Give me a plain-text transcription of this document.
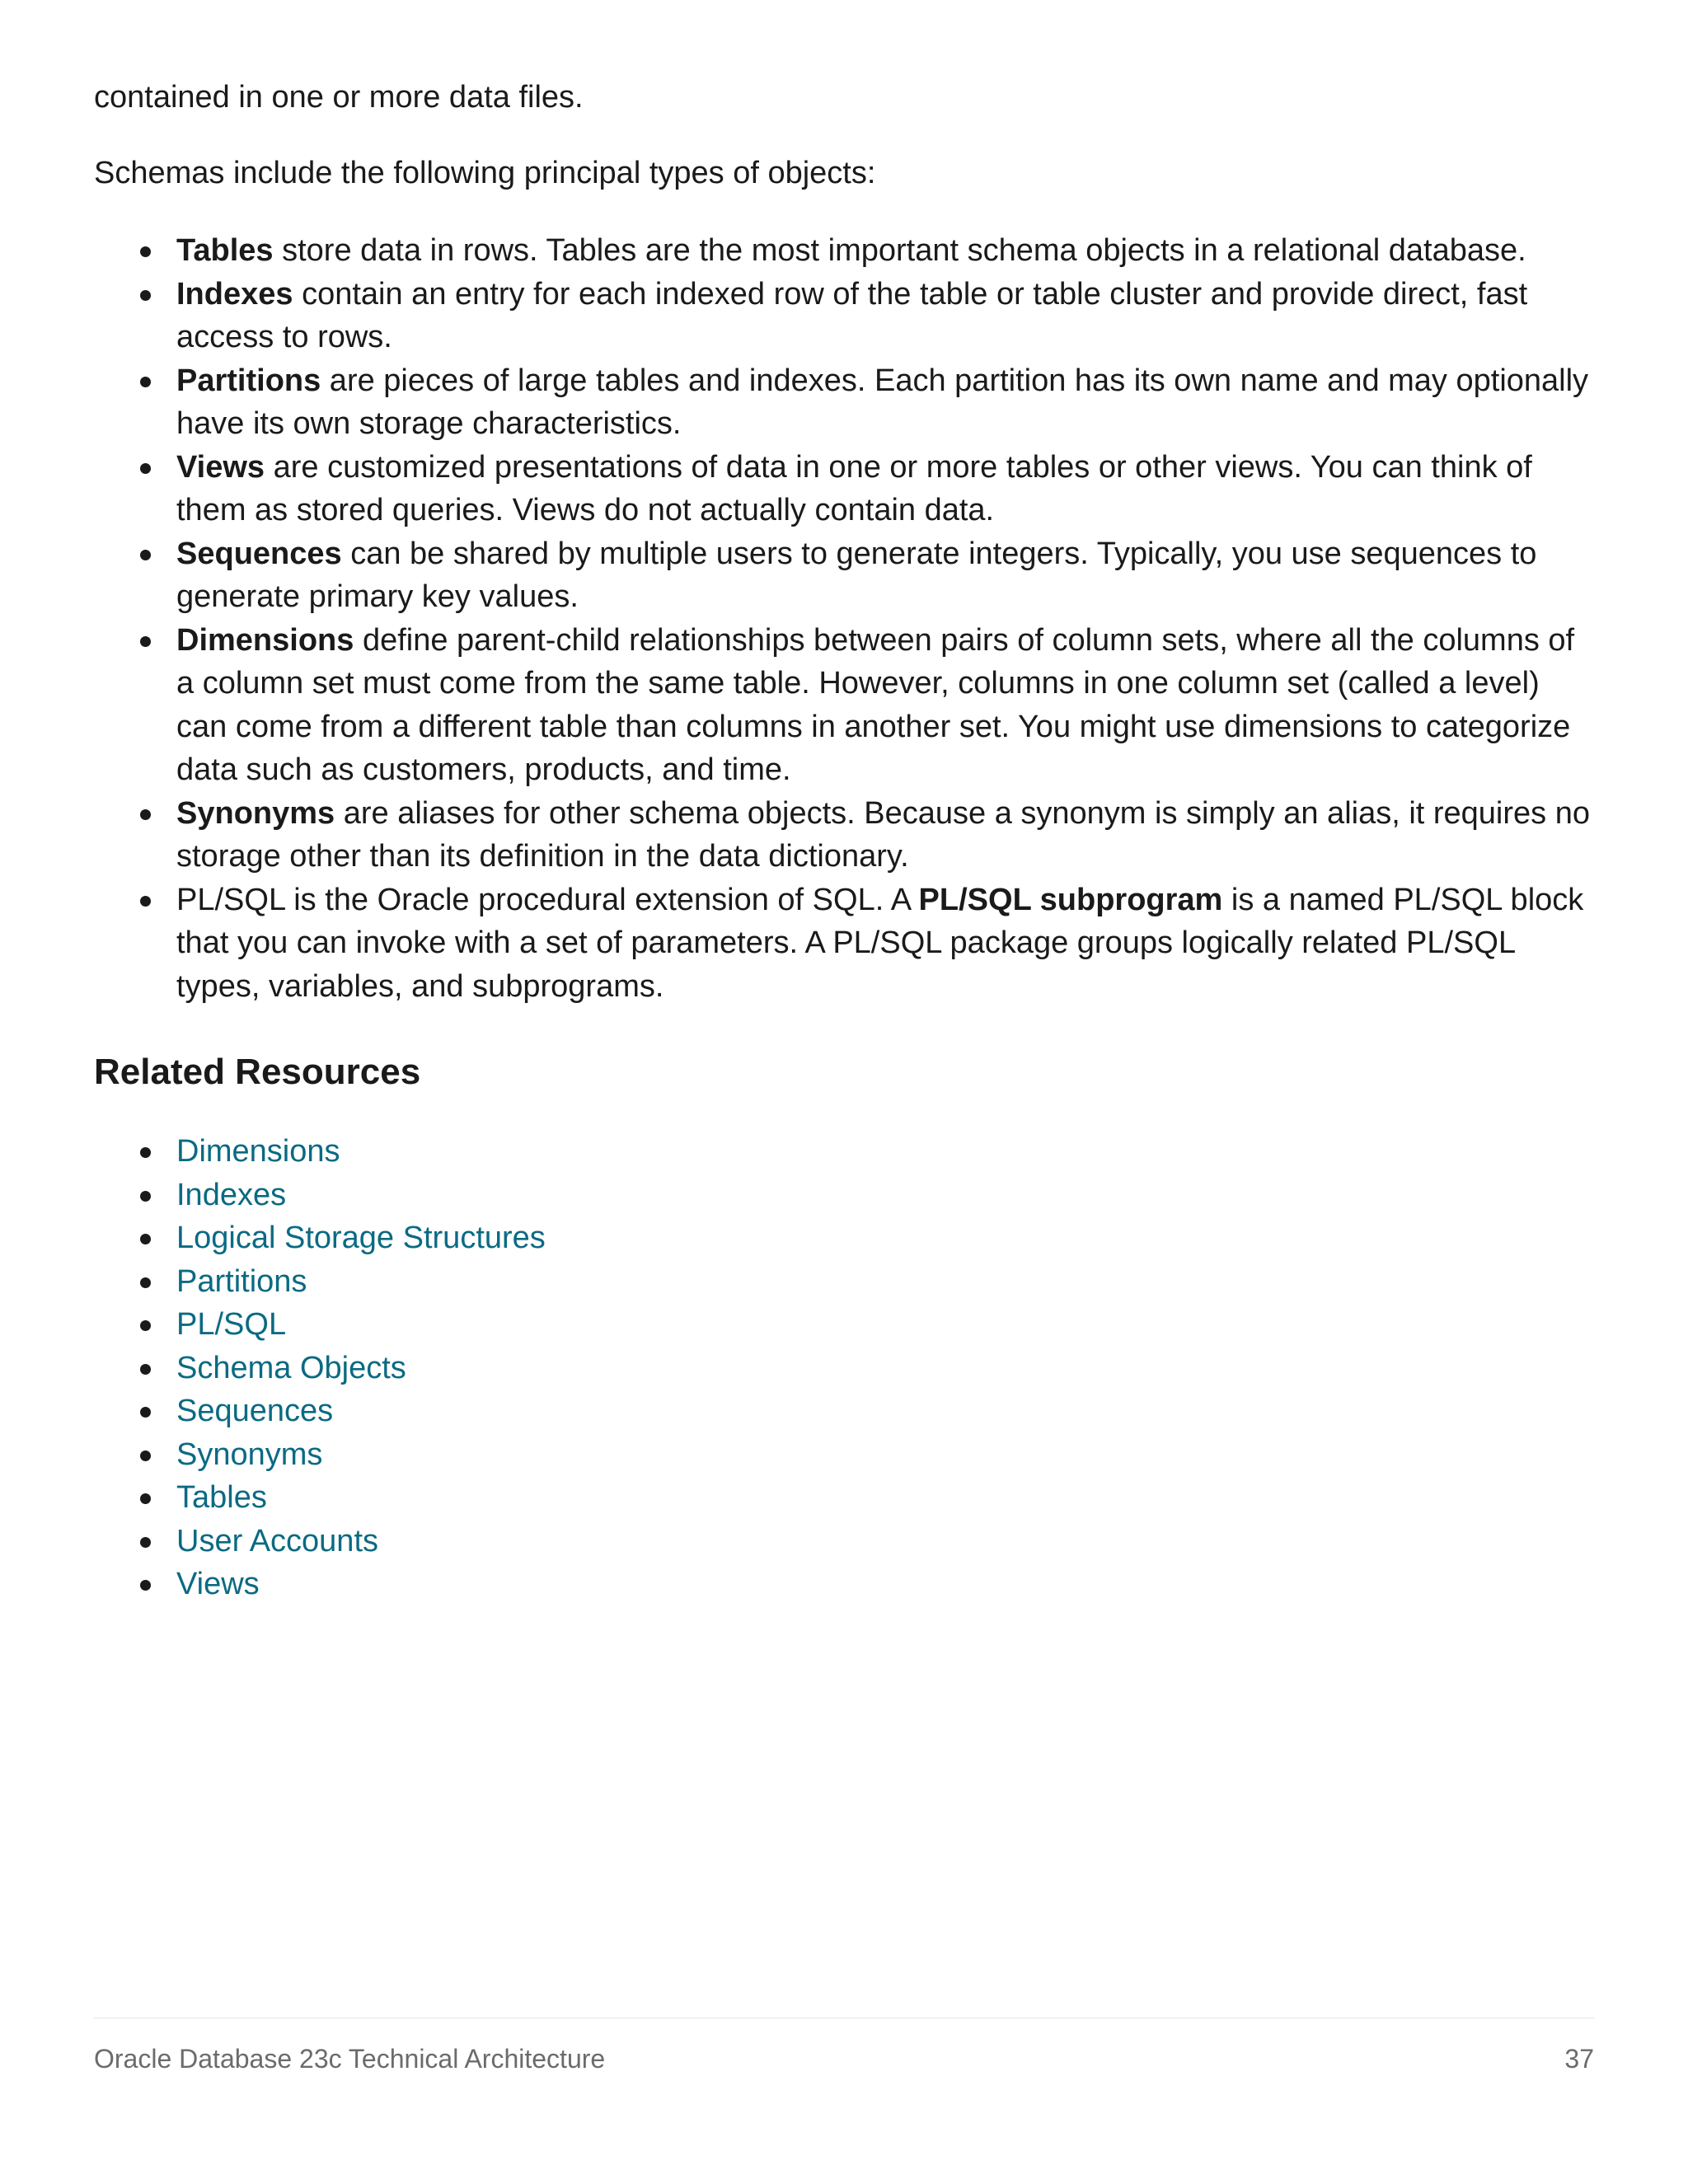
contained in one or more data files.

Schemas include the following principal types of objects:

Tables store data in rows. Tables are the most important schema objects in a relational database.
Indexes contain an entry for each indexed row of the table or table cluster and provide direct, fast access to rows.
Partitions are pieces of large tables and indexes. Each partition has its own name and may optionally have its own storage characteristics.
Views are customized presentations of data in one or more tables or other views. You can think of them as stored queries. Views do not actually contain data.
Sequences can be shared by multiple users to generate integers. Typically, you use sequences to generate primary key values.
Dimensions define parent-child relationships between pairs of column sets, where all the columns of a column set must come from the same table. However, columns in one column set (called a level) can come from a different table than columns in another set. You might use dimensions to categorize data such as customers, products, and time.
Synonyms are aliases for other schema objects. Because a synonym is simply an alias, it requires no storage other than its definition in the data dictionary.
PL/SQL is the Oracle procedural extension of SQL. A PL/SQL subprogram is a named PL/SQL block that you can invoke with a set of parameters. A PL/SQL package groups logically related PL/SQL types, variables, and subprograms.
Related Resources
Dimensions
Indexes
Logical Storage Structures
Partitions
PL/SQL
Schema Objects
Sequences
Synonyms
Tables
User Accounts
Views
Oracle Database 23c Technical Architecture	37
